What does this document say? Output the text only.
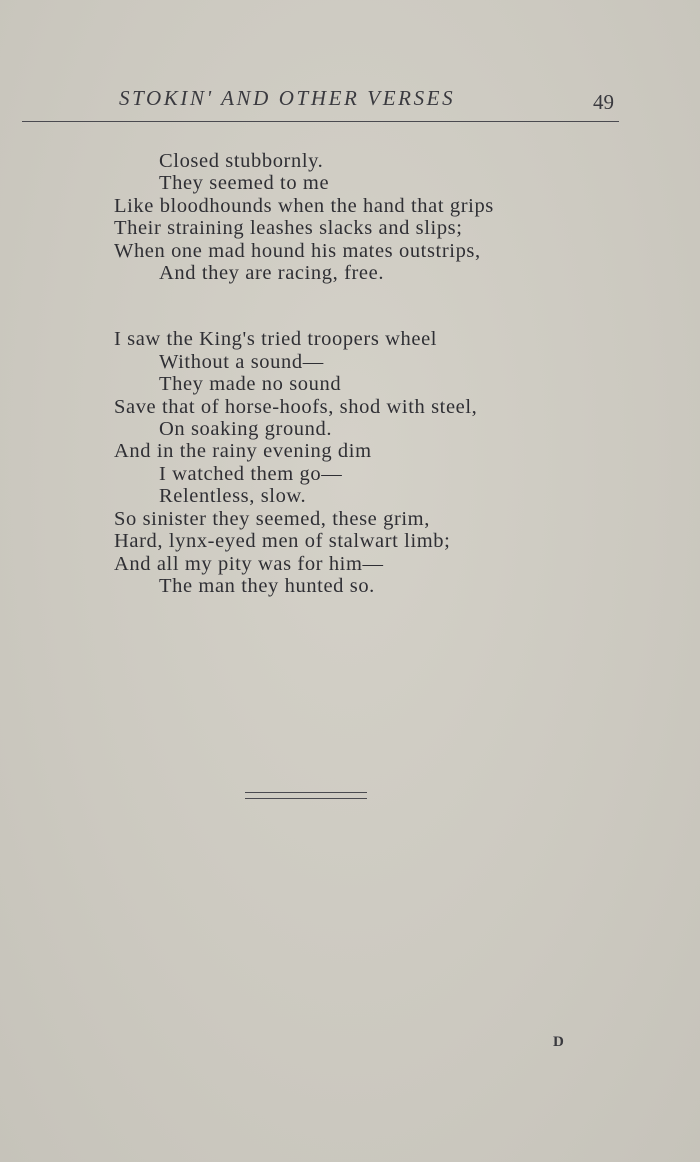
STOKIN' AND OTHER VERSES	49
Closed stubbornly.
They seemed to me
Like bloodhounds when the hand that grips
Their straining leashes slacks and slips;
When one mad hound his mates outstrips,
And they are racing, free.
I saw the King's tried troopers wheel
Without a sound—
They made no sound
Save that of horse-hoofs, shod with steel,
On soaking ground.
And in the rainy evening dim
I watched them go—
Relentless, slow.
So sinister they seemed, these grim,
Hard, lynx-eyed men of stalwart limb;
And all my pity was for him—
The man they hunted so.
D
